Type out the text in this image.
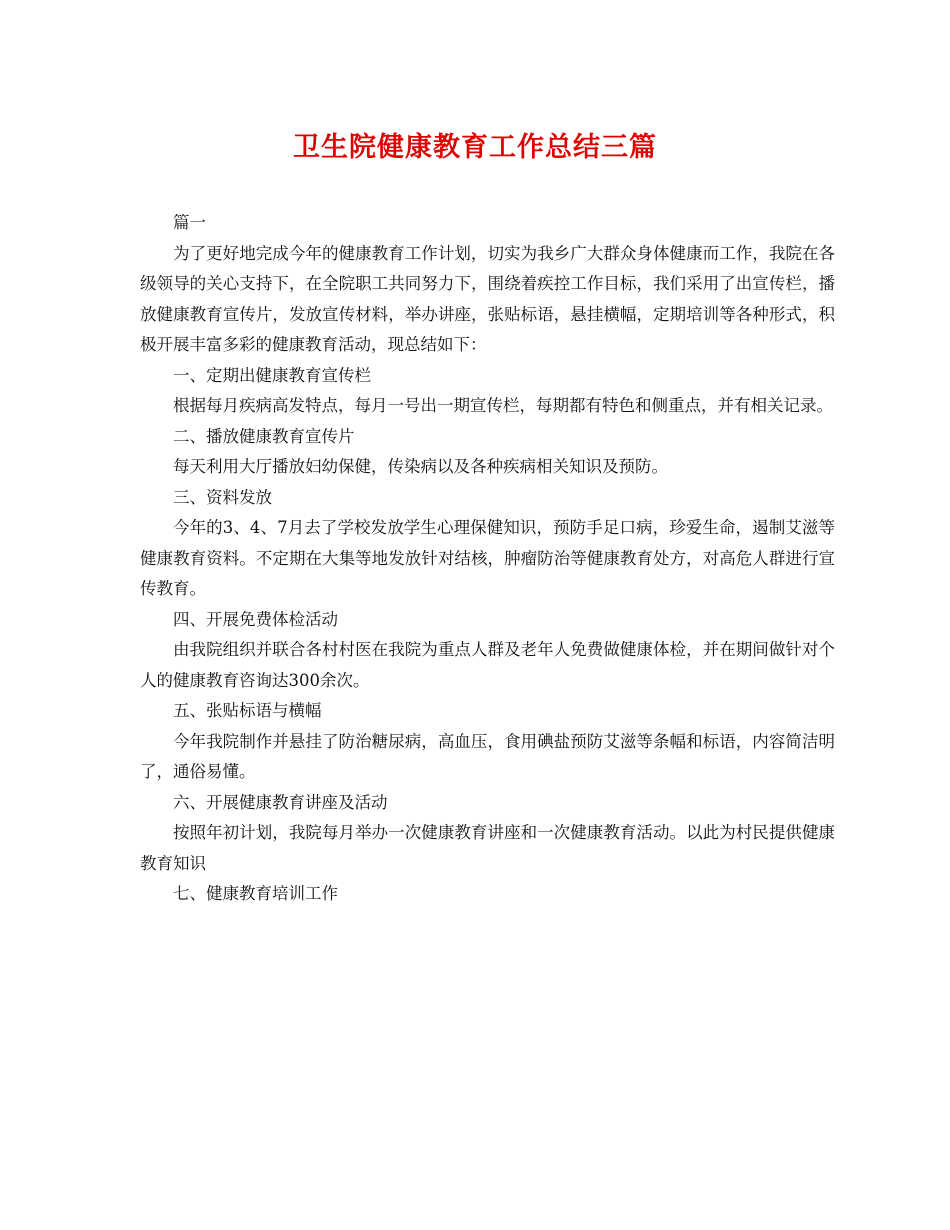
卫生院健康教育工作总结三篇

篇一

为了更好地完成今年的健康教育工作计划，切实为我乡广大群众身体健康而工作，我院在各级领导的关心支持下，在全院职工共同努力下，围绕着疾控工作目标，我们采用了出宣传栏，播放健康教育宣传片，发放宣传材料，举办讲座，张贴标语，悬挂横幅，定期培训等各种形式，积极开展丰富多彩的健康教育活动，现总结如下：

一、定期出健康教育宣传栏

根据每月疾病高发特点，每月一号出一期宣传栏，每期都有特色和侧重点，并有相关记录。

二、播放健康教育宣传片

每天利用大厅播放妇幼保健，传染病以及各种疾病相关知识及预防。

三、资料发放

今年的3、4、7月去了学校发放学生心理保健知识，预防手足口病，珍爱生命，遏制艾滋等健康教育资料。不定期在大集等地发放针对结核，肿瘤防治等健康教育处方，对高危人群进行宣传教育。

四、开展免费体检活动

由我院组织并联合各村村医在我院为重点人群及老年人免费做健康体检，并在期间做针对个人的健康教育咨询达300余次。

五、张贴标语与横幅

今年我院制作并悬挂了防治糖尿病，高血压，食用碘盐预防艾滋等条幅和标语，内容简洁明了，通俗易懂。

六、开展健康教育讲座及活动

按照年初计划，我院每月举办一次健康教育讲座和一次健康教育活动。以此为村民提供健康教育知识

七、健康教育培训工作
